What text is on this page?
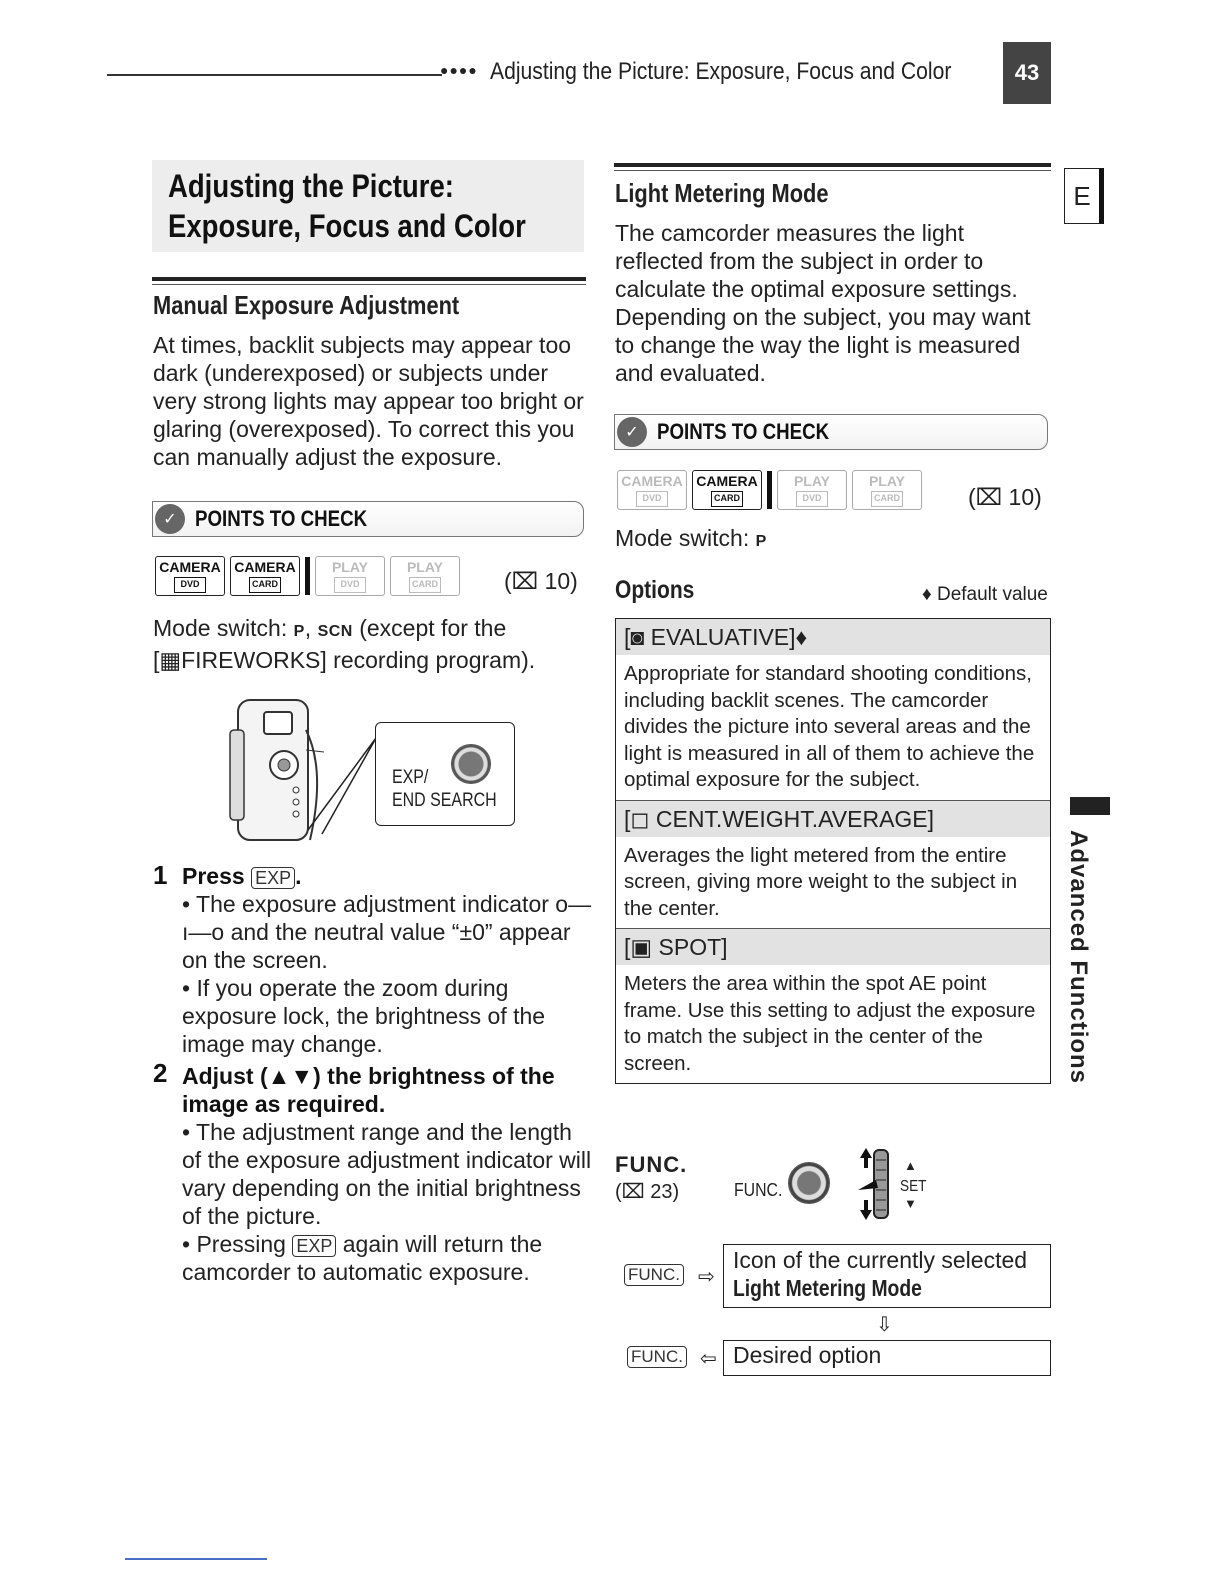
●●●● Adjusting the Picture: Exposure, Focus and Color	43
Adjusting the Picture:
Exposure, Focus and Color
Manual Exposure Adjustment
At times, backlit subjects may appear too dark (underexposed) or subjects under very strong lights may appear too bright or glaring (overexposed). To correct this you can manually adjust the exposure.
✓ POINTS TO CHECK
CAMERA
DVD
CAMERA
CARD
PLAY
DVD
PLAY
CARD	(⌧ 10)
Mode switch: P, SCN (except for the [▦FIREWORKS] recording program).
EXP/
END SEARCH
1 Press EXP .
• The exposure adjustment indicator o—ı—o and the neutral value “±0” appear on the screen.
• If you operate the zoom during exposure lock, the brightness of the image may change.
2 Adjust (▲▼) the brightness of the image as required.
• The adjustment range and the length of the exposure adjustment indicator will vary depending on the initial brightness of the picture.
• Pressing EXP again will return the camcorder to automatic exposure.
Light Metering Mode
The camcorder measures the light reflected from the subject in order to calculate the optimal exposure settings. Depending on the subject, you may want to change the way the light is measured and evaluated.
✓ POINTS TO CHECK
CAMERA
DVD
CAMERA
CARD
PLAY
DVD
PLAY
CARD	(⌧ 10)
Mode switch: P
Options	♦ Default value
[◙ EVALUATIVE]♦
Appropriate for standard shooting conditions, including backlit scenes. The camcorder divides the picture into several areas and the light is measured in all of them to achieve the optimal exposure for the subject.
[◻ CENT.WEIGHT.AVERAGE]
Averages the light metered from the entire screen, giving more weight to the subject in the center.
[▣ SPOT]
Meters the area within the spot AE point frame. Use this setting to adjust the exposure to match the subject in the center of the screen.
FUNC.
(⌧ 23)	FUNC.
▲
SET
▼
FUNC. ⇨
Icon of the currently selected
Light Metering Mode
⇩
FUNC. ⇦ Desired option
E
Advanced Functions
